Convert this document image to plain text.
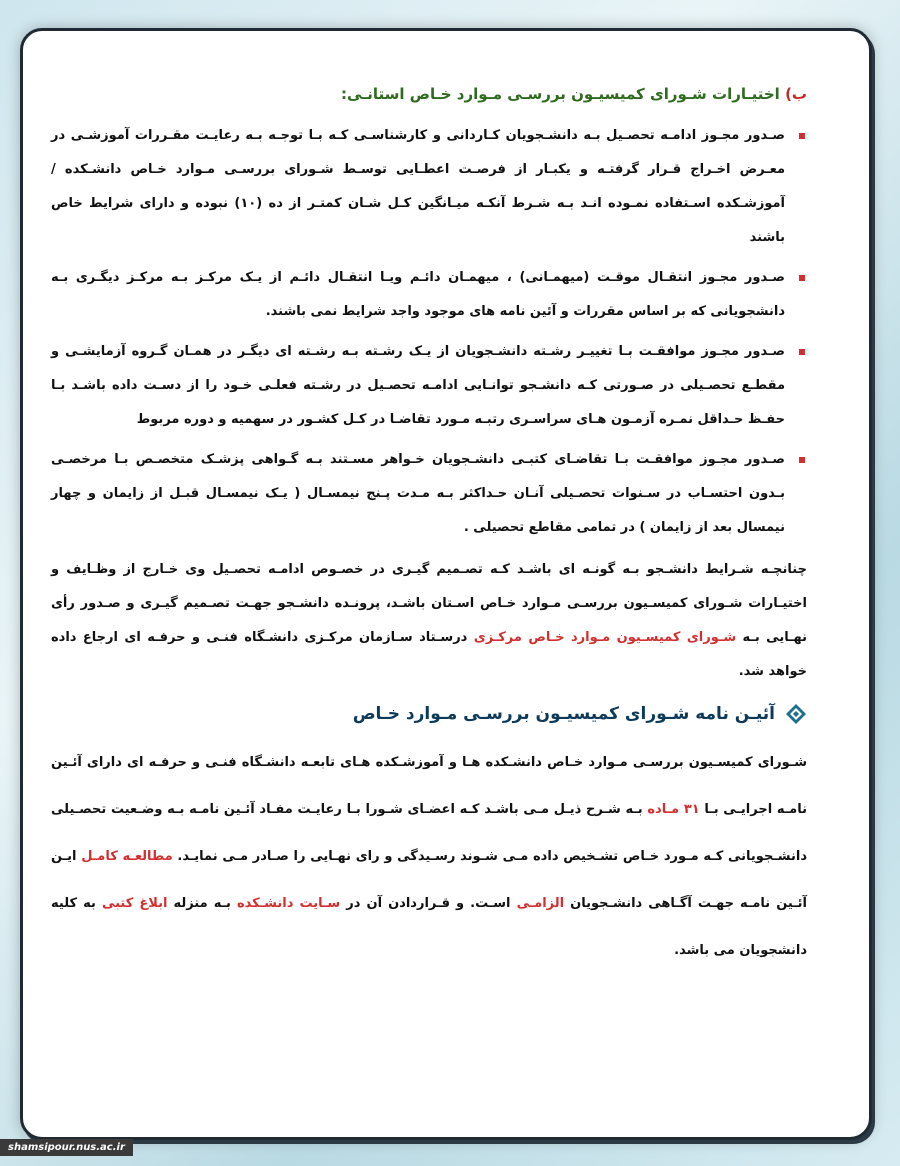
ب) اختیـارات شـورای کمیسیـون بررسـی مـوارد خـاص استانـی:
صـدور مجـوز ادامـه تحصـیل بـه دانشـجویان کـاردانی و کارشناسـی کـه بـا توجـه بـه رعایـت مقـررات آموزشـی در معـرض اخـراج قـرار گرفتـه و یکبـار از فرصـت اعطـایی توسـط شـورای بررسـی مـوارد خـاص دانشـکده / آموزشـکده اسـتفاده نمـوده انـد بـه شـرط آنکـه میـانگین کـل شـان کمتـر از ده (۱۰) نبوده و دارای شرایط خاص باشند
صـدور مجـوز انتقـال موقـت (میهمـانی) ، میهمـان دائـم ویـا انتقـال دائـم از یـک مرکـز بـه مرکـز دیگـری بـه دانشجویانی که بر اساس مقررات و آئین نامه های موجود واجد شرایط نمی باشند.
صـدور مجـوز موافقـت بـا تغییـر رشـته دانشـجویان از یـک رشـته بـه رشـته ای دیگـر در همـان گـروه آزمایشـی و مقطـع تحصـیلی در صـورتی کـه دانشـجو توانـایی ادامـه تحصـیل در رشـته فعلـی خـود را از دسـت داده باشـد بـا حفـظ حـداقل نمـره آزمـون هـای سراسـری رتبـه مـورد تقاضـا در کـل کشـور در سهمیه و دوره مربوط
صـدور مجـوز موافقـت بـا تقاضـای کتبـی دانشـجویان خـواهر مسـتند بـه گـواهی پزشـک متخصـص بـا مرخصـی بـدون احتسـاب در سـنوات تحصـیلی آنـان حـداکثر بـه مـدت پـنج نیمسـال ( یـک نیمسـال قبـل از زایمان و چهار نیمسال بعد از زایمان ) در تمامی مقاطع تحصیلی .

چنانچـه شـرایط دانشـجو بـه گونـه ای باشـد کـه تصـمیم گیـری در خصـوص ادامـه تحصـیل وی خـارج از وظـایف و اختیـارات شـورای کمیسـیون بررسـی مـوارد خـاص اسـتان باشـد، پرونـده دانشـجو جهـت تصـمیم گیـری و صـدور رأی نهـایی بـه شـورای کمیسـیون مـوارد خـاص مرکـزی درسـتاد سـازمان مرکـزی دانشـگاه فنـی و حرفـه ای ارجاع داده خواهد شد.

آئیـن نامه شـورای کمیسیـون بررسـی مـوارد خـاص

شـورای کمیسـیون بررسـی مـوارد خـاص دانشـکده هـا و آموزشـکده هـای تابعـه دانشـگاه فنـی و حرفـه ای دارای آئـین نامـه اجرایـی بـا ۳۱ مـاده بـه شـرح ذیـل مـی باشـد کـه اعضـای شـورا بـا رعایـت مفـاد آئـین نامـه بـه وضـعیت تحصـیلی دانشـجویانی کـه مـورد خـاص تشـخیص داده مـی شـوند رسـیدگی و رای نهـایی را صـادر مـی نمایـد. مطالعـه کامـل ایـن آئـین نامـه جهـت آگـاهی دانشـجویان الزامـی اسـت. و قـراردادن آن در سـایت دانشـکده بـه منزله ابلاغ کتبی به کلیه دانشجویان می باشد.

shamsipour.nus.ac.ir
